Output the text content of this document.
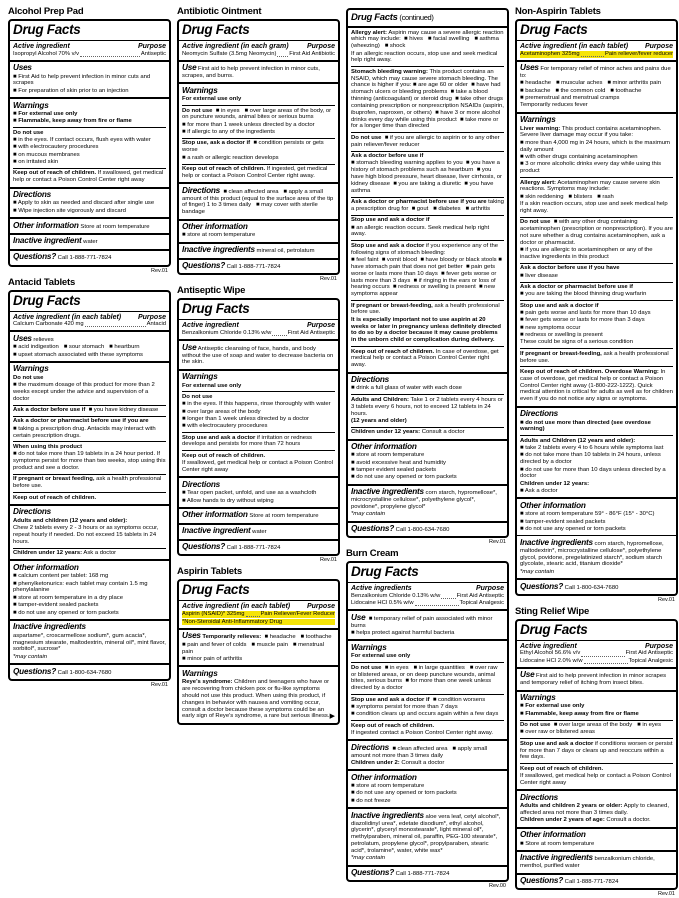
Alcohol Prep Pad
Drug Facts
Active ingredient	Purpose
Isopropyl Alcohol 70% v/v	Antiseptic
Uses
■ First Aid to help prevent infection in minor cuts and scrapes
■ For preparation of skin prior to an injection
Warnings
■ For external use only
■ Flammable, keep away from fire or flame
Do not use
■ in the eyes. If contact occurs, flush eyes with water
■ with electrocautery procedures
■ on mucous membranes
■ on irritated skin
Keep out of reach of children. If swallowed, get medical help or contact a Poison Control Center right away
Directions
■ Apply to skin as needed and discard after single use
■ Wipe injection site vigorously and discard
Other information Store at room temperature
Inactive ingredient water
Questions? Call 1-888-771-7824
Rev.01
Antacid Tablets
Drug Facts
Active ingredient (in each tablet) Purpose
Calcium Carbonate 420 mg	Antacid
Uses relieves
■ acid indigestion   ■ sour stomach   ■ heartburn
■ upset stomach associated with these symptoms
Warnings
Do not use
■ the maximum dosage of this product for more than 2 weeks except under the advice and supervision of a doctor
Ask a doctor before use if  ■ you have kidney disease
Ask a doctor or pharmacist before use if you are
■ taking a prescription drug. Antacids may interact with certain prescription drugs.
When using this product
■ do not take more than 19 tablets in a 24 hour period. If symptoms persist for more than two weeks, stop using this product and see a doctor.
If pregnant or breast feeding, ask a health professional before use.
Keep out of reach of children.
Directions
Adults and children (12 years and older):
Chew 2 tablets every 2 - 3 hours or as symptoms occur, repeat hourly if needed. Do not exceed 15 tablets in 24 hours.
Children under 12 years: Ask a doctor
Other information
■ calcium content per tablet: 168 mg
■ phenylketonurics: each tablet may contain 1.5 mg phenylalanine
■ store at room temperature in a dry place
■ tamper-evident sealed packets
■ do not use any opened or torn packets
Inactive ingredients
aspartame*, croscarmellose sodium*, gum acacia*, magnesium stearate, maltodextrin, mineral oil*, mint flavor, sorbitol*, sucrose*
*may contain
Questions? Call 1-800-634-7680
Rev.01
Antibiotic Ointment
Drug Facts
Active ingredient (in each gram)	Purpose
Neomycin Sulfate (3.5mg Neomycin) First Aid Antibiotic
Use First aid to help prevent infection in minor cuts, scrapes, and burns.
Warnings
For external use only
Do not use  ■ in eyes   ■ over large areas of the body, or on puncture wounds, animal bites or serious burns
■ for more than 1 week unless directed by a doctor
■ if allergic to any of the ingredients
Stop use, ask a doctor if  ■ condition persists or gets worse
■ a rash or allergic reaction develops
Keep out of reach of children. If ingested, get medical help or contact a Poison Control Center right away.
Directions  ■ clean affected area   ■ apply a small amount of this product (equal to the surface area of the tip of finger) 1 to 3 times daily   ■ may cover with sterile bandage
Other information
■ store at room temperature
Inactive ingredients mineral oil, petrolatum
Questions? Call 1-888-771-7824
Rev.01
Antiseptic Wipe
Drug Facts
Active ingredient	Purpose
Benzalkonium Chloride 0.13% w/w	First Aid Antiseptic
Use Antiseptic cleansing of face, hands, and body without the use of soap and water to decrease bacteria on the skin.
Warnings
For external use only
Do not use
■ in the eyes. If this happens, rinse thoroughly with water
■ over large areas of the body
■ longer than 1 week unless directed by a doctor
■ with electrocautery procedures
Stop use and ask a doctor if irritation or redness develops and persists for more than 72 hours
Keep out of reach of children.
If swallowed, get medical help or contact a Poison Control Center right away
Directions
■ Tear open packet, unfold, and use as a washcloth
■ Allow hands to dry without wiping
Other information Store at room temperature
Inactive ingredient water
Questions? Call 1-888-771-7824
Rev.01
Aspirin Tablets
Drug Facts
Active ingredient (in each tablet) Purpose
Aspirin (NSAID)* 325mg	Pain Reliever/Fever Reducer
*Non-Steroidal Anti-Inflammatory Drug
Uses Temporarily relieves:  ■ headache   ■ toothache
■ pain and fever of colds   ■ muscle pain   ■ menstrual pain
■ minor pain of arthritis
Warnings
Reye's syndrome: Children and teenagers who have or are recovering from chicken pox or flu-like symptoms should not use this product. When using this product, if changes in behavior with nausea and vomiting occur, consult a doctor because these symptoms could be an early sign of Reye's syndrome, a rare but serious illness. ▶
Drug Facts (continued)
Allergy alert: Aspirin may cause a severe allergic reaction which may include:  ■ hives   ■ facial swelling   ■ asthma (wheezing)   ■ shock
If an allergic reaction occurs, stop use and seek medical help right away.
Stomach bleeding warning: This product contains an NSAID, which may cause severe stomach bleeding. The chance is higher if you: ■ are age 60 or older  ■ have had stomach ulcers or bleeding problems  ■ take a blood thinning (anticoagulant) or steroid drug  ■ take other drugs containing prescription or nonprescription NSAIDs (aspirin, ibuprofen, naproxen, or others)  ■ have 3 or more alcohol drinks every day while using this product  ■ take more or for a longer time than directed
Do not use  ■ if you are allergic to aspirin or to any other pain reliever/fever reducer
Ask a doctor before use if
■ stomach bleeding warning applies to you  ■ you have a history of stomach problems such as heartburn  ■ you have high blood pressure, heart disease, liver cirrhosis, or kidney disease  ■ you are taking a diuretic  ■ you have asthma
Ask a doctor or pharmacist before use if you are taking a prescription drug for  ■ gout   ■ diabetes   ■ arthritis
Stop use and ask a doctor if
■ an allergic reaction occurs. Seek medical help right away.
Stop use and ask a doctor if you experience any of the following signs of stomach bleeding:
■ feel faint  ■ vomit blood  ■ have bloody or black stools ■ have stomach pain that does not get better  ■ pain gets worse or lasts more than 10 days  ■ fever gets worse or lasts more than 3 days  ■ if ringing in the ears or loss of hearing occurs  ■ redness or swelling is present  ■ new symptoms appear
If pregnant or breast-feeding, ask a health professional before use.
It is especially important not to use aspirin at 20 weeks or later in pregnancy unless definitely directed to do so by a doctor because it may cause problems in the unborn child or complication during delivery.
Keep out of reach of children. In case of overdose, get medical help or contact a Poison Control Center right away.
Directions
■ drink a full glass of water with each dose
Adults and Children: Take 1 or 2 tablets every 4 hours or 3 tablets every 6 hours, not to exceed 12 tablets in 24 hours.
(12 years and older)
Children under 12 years: Consult a doctor
Other information
■ store at room temperature
■ avoid excessive heat and humidity
■ tamper evident sealed packets
■ do not use any opened or torn packets
Inactive ingredients corn starch, hypromellose*, microcrystalline cellulose*, polyethylene glycol*, povidone*, propylene glycol*
*may contain
Questions? Call 1-800-634-7680
Rev.01
Burn Cream
Drug Facts
Active ingredients	Purpose
Benzalkonium Chloride 0.13% w/w	First Aid Antiseptic
Lidocaine HCl 0.5% w/w	Topical Analgesic
Use  ■ temporary relief of pain associated with minor burns
■ helps protect against harmful bacteria
Warnings
For external use only
Do not use  ■ in eyes   ■ in large quantities   ■ over raw or blistered areas, or on deep puncture wounds, animal bites, serious burns  ■ for more than one week unless directed by a doctor
Stop use and ask a doctor if  ■ condition worsens
■ symptoms persist for more than 7 days
■ condition clears up and occurs again within a few days
Keep out of reach of children.
If ingested contact a Poison Control Center right away.
Directions  ■ clean affected area   ■ apply small amount not more than 3 times daily
Children under 2: Consult a doctor
Other information
■ store at room temperature
■ do not use any opened or torn packets
■ do not freeze
Inactive ingredients aloe vera leaf, cetyl alcohol*, diazolidinyl urea*, edetate disodium*, ethyl alcohol, glycerin*, glyceryl monostearate*, light mineral oil*, methylparaben, mineral oil, paraffin, PEG-100 stearate*, petrolatum, propylene glycol*, propylparaben, stearic acid*, trolamine*, water, white wax*
*may contain
Questions? Call 1-888-771-7824
Rev.00
Non-Aspirin Tablets
Drug Facts
Active ingredient (in each tablet) Purpose
Acetaminophen 325mg	Pain reliever/fever reducer
Uses For temporary relief of minor aches and pains due to:
■ headache   ■ muscular aches   ■ minor arthritis pain
■ backache   ■ the common cold   ■ toothache
■ premenstrual and menstrual cramps
Temporarily reduces fever
Warnings
Liver warning: This product contains acetaminophen. Severe liver damage may occur if you take:
■ more than 4,000 mg in 24 hours, which is the maximum daily amount
■ with other drugs containing acetaminophen
■ 3 or more alcoholic drinks every day while using this product
Allergy alert: Acetaminophen may cause severe skin reactions. Symptoms may include:
■ skin reddening   ■ blisters   ■ rash
If a skin reaction occurs, stop use and seek medical help right away.
Do not use  ■ with any other drug containing acetaminophen (prescription or nonprescription). If you are not sure whether a drug contains acetaminophen, ask a doctor or pharmacist.
■ if you are allergic to acetaminophen or any of the inactive ingredients in this product
Ask a doctor before use if you have
■ liver disease
Ask a doctor or pharmacist before use if
■ you are taking the blood thinning drug warfarin
Stop use and ask a doctor if
■ pain gets worse and lasts for more than 10 days
■ fever gets worse or lasts for more than 3 days
■ new symptoms occur
■ redness or swelling is present
These could be signs of a serious condition
If pregnant or breast-feeding, ask a health professional before use.
Keep out of reach of children. Overdose Warning: In case of overdose, get medical help or contact a Poison Control Center right away (1-800-222-1222). Quick medical attention is critical for adults as well as for children even if you do not notice any signs or symptoms.
Directions
■ do not use more than directed (see overdose warning)
Adults and Children (12 years and older):
■ take 2 tablets every 4 to 6 hours while symptoms last
■ do not take more than 10 tablets in 24 hours, unless directed by a doctor
■ do not use for more than 10 days unless directed by a doctor
Children under 12 years:
■ Ask a doctor
Other information
■ store at room temperature 59° - 86°F (15° - 30°C)
■ tamper-evident sealed packets
■ do not use any opened or torn packets
Inactive ingredients corn starch, hypromellose, maltodextrin*, microcrystalline cellulose*, polyethylene glycol, povidone, pregelatinized starch*, sodium starch glycolate, stearic acid, titanium dioxide*
*may contain
Questions? Call 1-800-634-7680
Rev.01
Sting Relief Wipe
Drug Facts
Active ingredient	Purpose
Ethyl Alcohol 56.6% v/v	First Aid Antiseptic
Lidocaine HCl 2.0% w/w	Topical Analgesic
Use First aid to help prevent infection in minor scrapes and temporary relief of itching from insect bites.
Warnings
■ For external use only
■ Flammable, keep away from fire or flame
Do not use  ■ over large areas of the body   ■ in eyes
■ over raw or blistered areas
Stop use and ask a doctor if conditions worsen or persist for more than 7 days or clears up and reoccurs within a few days.
Keep out of reach of children.
If swallowed, get medical help or contact a Poison Control Center right away
Directions
Adults and children 2 years or older: Apply to cleaned, affected area not more than 3 times daily.
Children under 2 years of age: Consult a doctor.
Other information
■ Store at room temperature
Inactive ingredients benzalkonium chloride, menthol, purified water
Questions? Call 1-888-771-7824
Rev.01
